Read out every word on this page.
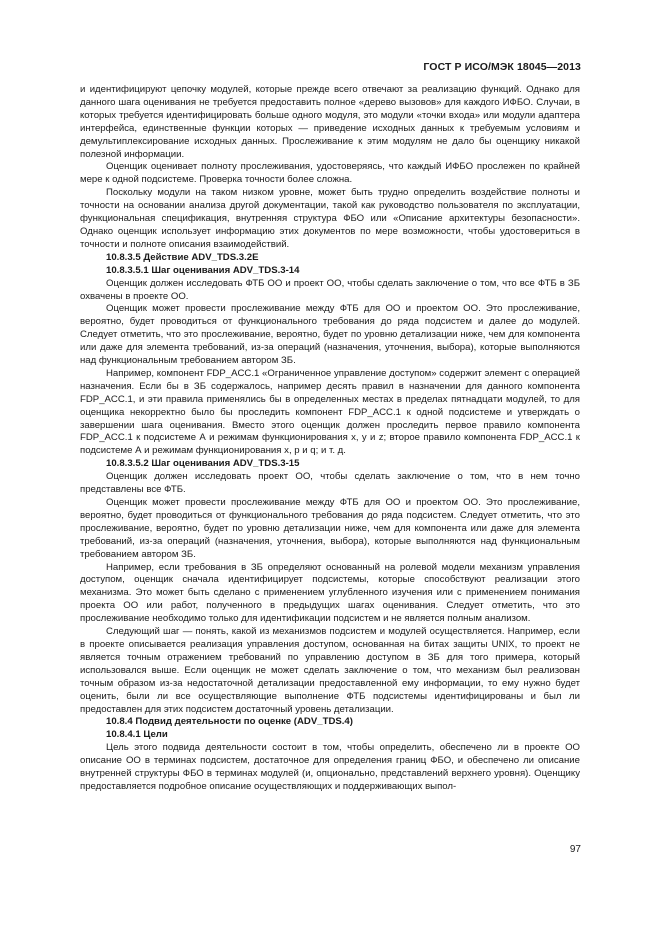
ГОСТ Р ИСО/МЭК 18045—2013

и идентифицируют цепочку модулей, которые прежде всего отвечают за реализацию функций. Однако для данного шага оценивания не требуется предоставить полное «дерево вызовов» для каждого ИФБО. Случаи, в которых требуется идентифицировать больше одного модуля, это модули «точки входа» или модули адаптера интерфейса, единственные функции которых — приведение исходных данных к требуемым условиям и демультиплексирование исходных данных. Прослеживание к этим модулям не дало бы оценщику никакой полезной информации.

Оценщик оценивает полноту прослеживания, удостоверяясь, что каждый ИФБО прослежен по крайней мере к одной подсистеме. Проверка точности более сложна.

Поскольку модули на таком низком уровне, может быть трудно определить воздействие полноты и точности на основании анализа другой документации, такой как руководство пользователя по эксплуатации, функциональная спецификация, внутренняя структура ФБО или «Описание архитектуры безопасности». Однако оценщик использует информацию этих документов по мере возможности, чтобы удостовериться в точности и полноте описания взаимодействий.

10.8.3.5 Действие ADV_TDS.3.2E

10.8.3.5.1 Шаг оценивания ADV_TDS.3-14

Оценщик должен исследовать ФТБ ОО и проект ОО, чтобы сделать заключение о том, что все ФТБ в ЗБ охвачены в проекте ОО.

Оценщик может провести прослеживание между ФТБ для ОО и проектом ОО. Это прослеживание, вероятно, будет проводиться от функционального требования до ряда подсистем и далее до модулей. Следует отметить, что это прослеживание, вероятно, будет по уровню детализации ниже, чем для компонента или даже для элемента требований, из-за операций (назначения, уточнения, выбора), которые выполняются над функциональным требованием автором ЗБ.

Например, компонент FDP_ACC.1 «Ограниченное управление доступом» содержит элемент с операцией назначения. Если бы в ЗБ содержалось, например десять правил в назначении для данного компонента FDP_ACC.1, и эти правила применялись бы в определенных местах в пределах пятнадцати модулей, то для оценщика некорректно было бы проследить компонент FDP_ACC.1 к одной подсистеме и утверждать о завершении шага оценивания. Вместо этого оценщик должен проследить первое правило компонента FDP_ACC.1 к подсистеме А и режимам функционирования x, y и z; второе правило компонента FDP_ACC.1 к подсистеме А и режимам функционирования x, p и q; и т. д.

10.8.3.5.2 Шаг оценивания ADV_TDS.3-15

Оценщик должен исследовать проект ОО, чтобы сделать заключение о том, что в нем точно представлены все ФТБ.

Оценщик может провести прослеживание между ФТБ для ОО и проектом ОО. Это прослеживание, вероятно, будет проводиться от функционального требования до ряда подсистем. Следует отметить, что это прослеживание, вероятно, будет по уровню детализации ниже, чем для компонента или даже для элемента требований, из-за операций (назначения, уточнения, выбора), которые выполняются над функциональным требованием автором ЗБ.

Например, если требования в ЗБ определяют основанный на ролевой модели механизм управления доступом, оценщик сначала идентифицирует подсистемы, которые способствуют реализации этого механизма. Это может быть сделано с применением углубленного изучения или с применением понимания проекта ОО или работ, полученного в предыдущих шагах оценивания. Следует отметить, что это прослеживание необходимо только для идентификации подсистем и не является полным анализом.

Следующий шаг — понять, какой из механизмов подсистем и модулей осуществляется. Например, если в проекте описывается реализация управления доступом, основанная на битах защиты UNIX, то проект не является точным отражением требований по управлению доступом в ЗБ для того примера, который использовался выше. Если оценщик не может сделать заключение о том, что механизм был реализован точным образом из-за недостаточной детализации предоставленной ему информации, то ему нужно будет оценить, были ли все осуществляющие выполнение ФТБ подсистемы идентифицированы и был ли предоставлен для этих подсистем достаточный уровень детализации.

10.8.4 Подвид деятельности по оценке (ADV_TDS.4)

10.8.4.1 Цели

Цель этого подвида деятельности состоит в том, чтобы определить, обеспечено ли в проекте ОО описание ОО в терминах подсистем, достаточное для определения границ ФБО, и обеспечено ли описание внутренней структуры ФБО в терминах модулей (и, опционально, представлений верхнего уровня). Оценщику предоставляется подробное описание осуществляющих и поддерживающих выпол-

97
